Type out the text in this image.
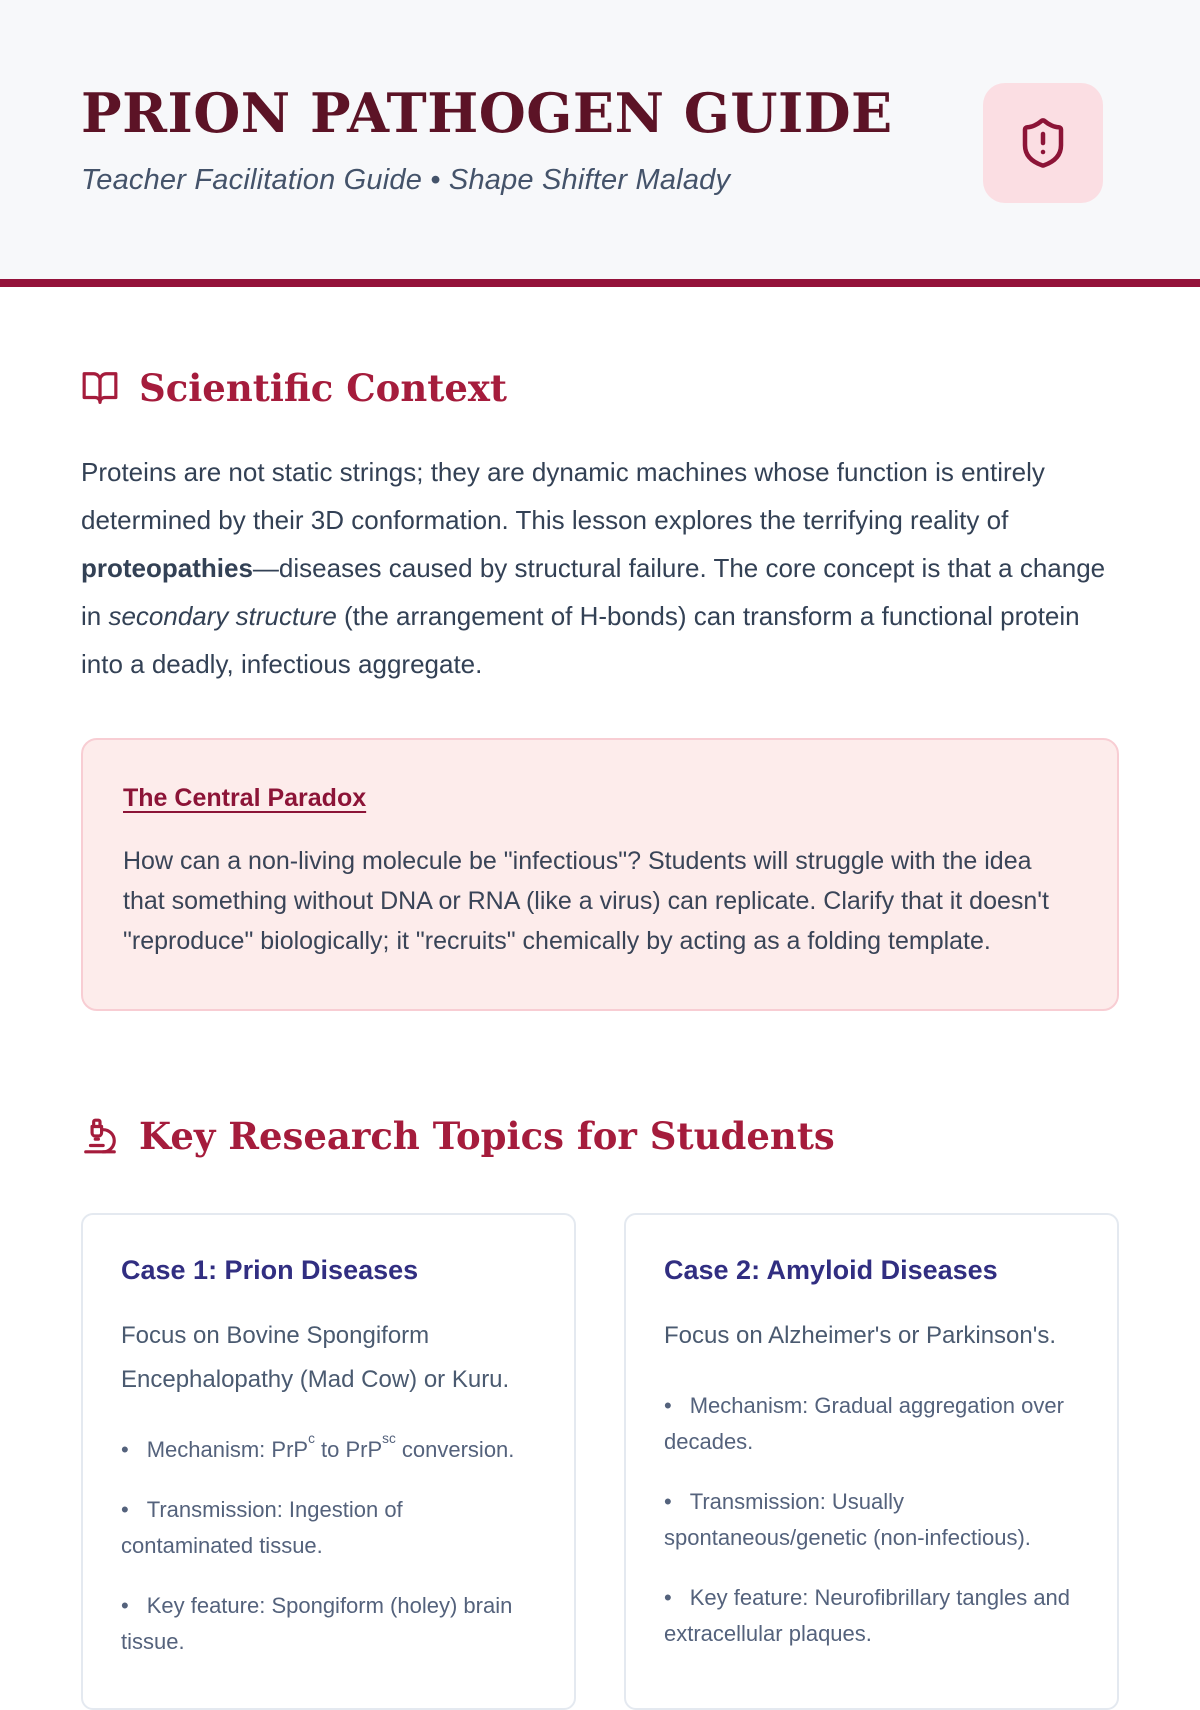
PRION PATHOGEN GUIDE

Teacher Facilitation Guide • Shape Shifter Malady

Scientific Context

Proteins are not static strings; they are dynamic machines whose function is entirely determined by their 3D conformation. This lesson explores the terrifying reality of proteopathies—diseases caused by structural failure. The core concept is that a change in secondary structure (the arrangement of H-bonds) can transform a functional protein into a deadly, infectious aggregate.

The Central Paradox

How can a non-living molecule be "infectious"? Students will struggle with the idea that something without DNA or RNA (like a virus) can replicate. Clarify that it doesn't "reproduce" biologically; it "recruits" chemically by acting as a folding template.

Key Research Topics for Students
Case 1: Prion Diseases

Focus on Bovine Spongiform Encephalopathy (Mad Cow) or Kuru.

• Mechanism: PrP$^c$ to PrP$^{sc}$ conversion.
• Transmission: Ingestion of contaminated tissue.
• Key feature: Spongiform (holey) brain tissue.
Case 2: Amyloid Diseases

Focus on Alzheimer's or Parkinson's.

• Mechanism: Gradual aggregation over decades.
• Transmission: Usually spontaneous/genetic (non-infectious).
• Key feature: Neurofibrillary tangles and extracellular plaques.
